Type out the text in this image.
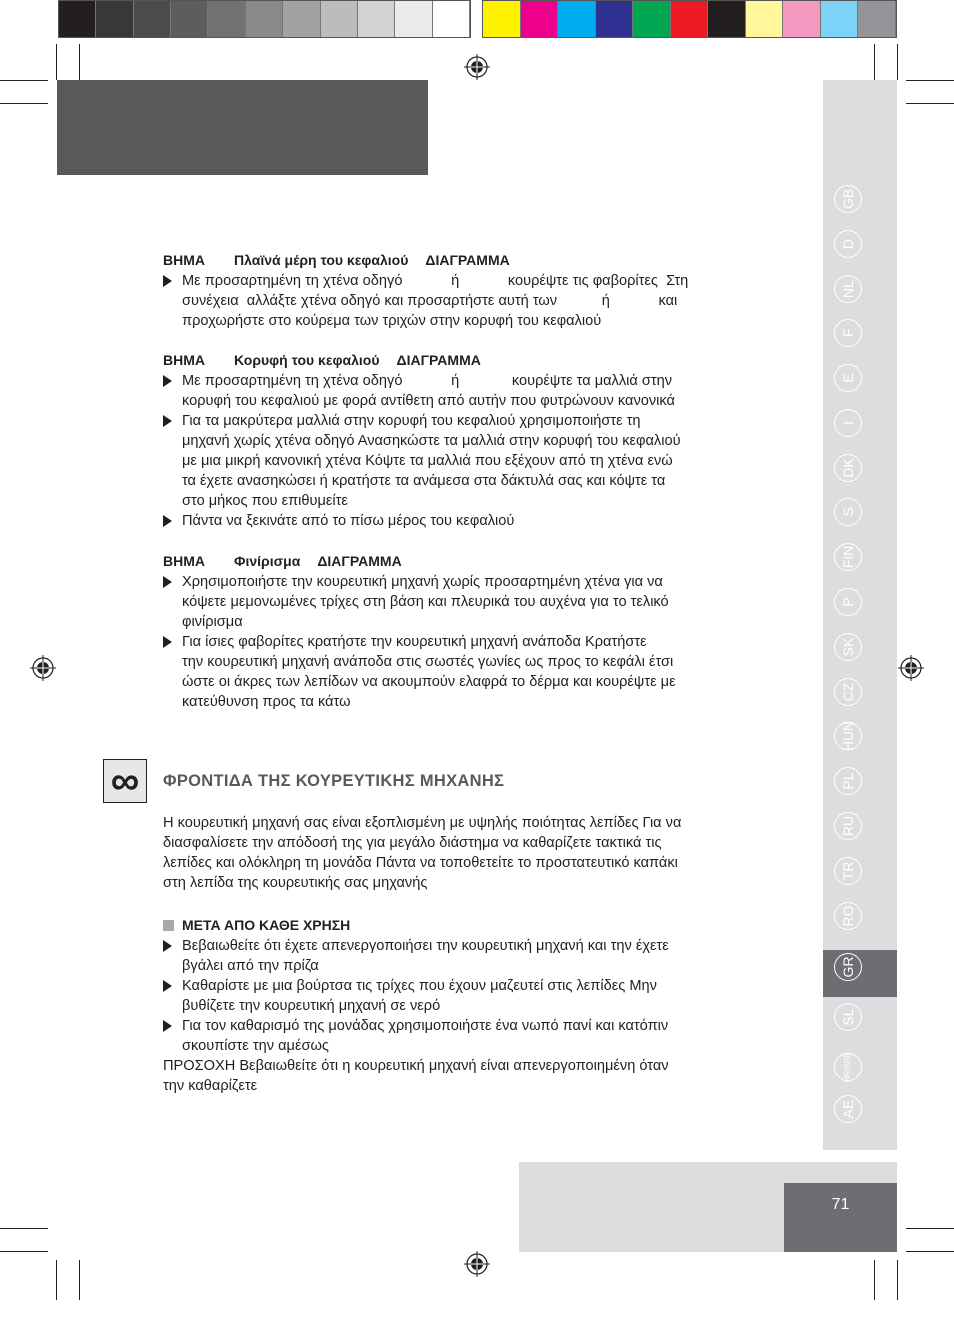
GB
D
NL
F
E
I
DK
S
FIN
P
SK
CZ
HUN
PL
RU
TR
RO
GR
SL
HR/SRB
AE
71
ΒΗΜΑ Πλαϊνά μέρη του κεφαλιού ΔΙΑΓΡΑΜΜΑ
Με προσαρτημένη τη χτένα οδηγό            ή            κουρέψτε τις φαβορίτες  Στη
συνέχεια  αλλάξτε χτένα οδηγό και προσαρτήστε αυτή των           ή            και
προχωρήστε στο κούρεμα των τριχών στην κορυφή του κεφαλιού
ΒΗΜΑ Κορυφή του κεφαλιού ΔΙΑΓΡΑΜΜΑ
Με προσαρτημένη τη χτένα οδηγό            ή             κουρέψτε τα μαλλιά στην
κορυφή του κεφαλιού με φορά αντίθετη από αυτήν που φυτρώνουν κανονικά
Για τα μακρύτερα μαλλιά στην κορυφή του κεφαλιού χρησιμοποιήστε τη
μηχανή χωρίς χτένα οδηγό Ανασηκώστε τα μαλλιά στην κορυφή του κεφαλιού
με μια μικρή κανονική χτένα Κόψτε τα μαλλιά που εξέχουν από τη χτένα ενώ
τα έχετε ανασηκώσει ή κρατήστε τα ανάμεσα στα δάκτυλά σας και κόψτε τα
στο μήκος που επιθυμείτε
Πάντα να ξεκινάτε από το πίσω μέρος του κεφαλιού
ΒΗΜΑ Φινίρισμα ΔΙΑΓΡΑΜΜΑ
Χρησιμοποιήστε την κουρευτική μηχανή χωρίς προσαρτημένη χτένα για να
κόψετε μεμονωμένες τρίχες στη βάση και πλευρικά του αυχένα για το τελικό
φινίρισμα
Για ίσιες φαβορίτες κρατήστε την κουρευτική μηχανή ανάποδα Κρατήστε
την κουρευτική μηχανή ανάποδα στις σωστές γωνίες ως προς το κεφάλι έτσι
ώστε οι άκρες των λεπίδων να ακουμπούν ελαφρά το δέρμα και κουρέψτε με
κατεύθυνση προς τα κάτω
∞	ΦΡΟΝΤΙΔΑ ΤΗΣ ΚΟΥΡΕΥΤΙΚΗΣ ΜΗΧΑΝΗΣ
Η κουρευτική μηχανή σας είναι εξοπλισμένη με υψηλής ποιότητας λεπίδες Για να
διασφαλίσετε την απόδοσή της για μεγάλο διάστημα να καθαρίζετε τακτικά τις
λεπίδες και ολόκληρη τη μονάδα Πάντα να τοποθετείτε το προστατευτικό καπάκι
στη λεπίδα της κουρευτικής σας μηχανής
ΜΕΤΑ ΑΠΟ ΚΑΘΕ ΧΡΗΣΗ
Βεβαιωθείτε ότι έχετε απενεργοποιήσει την κουρευτική μηχανή και την έχετε
βγάλει από την πρίζα
Καθαρίστε με μια βούρτσα τις τρίχες που έχουν μαζευτεί στις λεπίδες Μην
βυθίζετε την κουρευτική μηχανή σε νερό
Για τον καθαρισμό της μονάδας χρησιμοποιήστε ένα νωπό πανί και κατόπιν
σκουπίστε την αμέσως
ΠΡΟΣΟΧΗ Βεβαιωθείτε ότι η κουρευτική μηχανή είναι απενεργοποιημένη όταν
την καθαρίζετε
